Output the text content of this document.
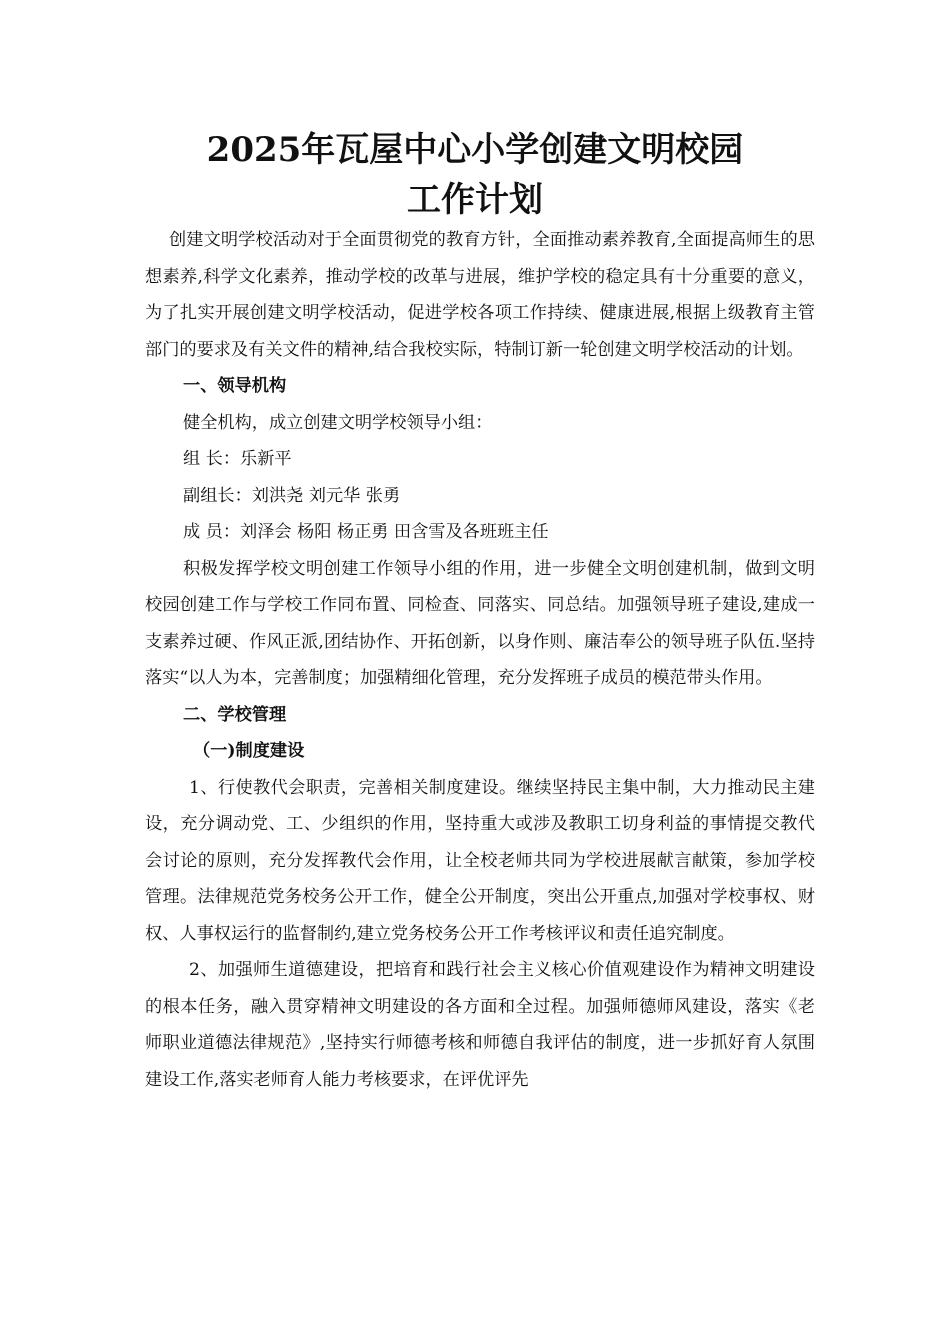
2025年瓦屋中心小学创建文明校园
工作计划

创建文明学校活动对于全面贯彻党的教育方针，全面推动素养教育,全面提高师生的思想素养,科学文化素养，推动学校的改革与进展，维护学校的稳定具有十分重要的意义，为了扎实开展创建文明学校活动，促进学校各项工作持续、健康进展,根据上级教育主管部门的要求及有关文件的精神,结合我校实际，特制订新一轮创建文明学校活动的计划。

一、领导机构

健全机构，成立创建文明学校领导小组：

组 长：乐新平

副组长：刘洪尧 刘元华 张勇

成 员：刘泽会 杨阳 杨正勇 田含雪及各班班主任

积极发挥学校文明创建工作领导小组的作用，进一步健全文明创建机制，做到文明校园创建工作与学校工作同布置、同检查、同落实、同总结。加强领导班子建设,建成一支素养过硬、作风正派,团结协作、开拓创新，以身作则、廉洁奉公的领导班子队伍.坚持落实“以人为本，完善制度；加强精细化管理，充分发挥班子成员的模范带头作用。

二、学校管理

（一)制度建设

1、行使教代会职责，完善相关制度建设。继续坚持民主集中制，大力推动民主建设，充分调动党、工、少组织的作用，坚持重大或涉及教职工切身利益的事情提交教代会讨论的原则，充分发挥教代会作用，让全校老师共同为学校进展献言献策，参加学校管理。法律规范党务校务公开工作，健全公开制度，突出公开重点,加强对学校事权、财权、人事权运行的监督制约,建立党务校务公开工作考核评议和责任追究制度。

2、加强师生道德建设，把培育和践行社会主义核心价值观建设作为精神文明建设的根本任务，融入贯穿精神文明建设的各方面和全过程。加强师德师风建设，落实《老师职业道德法律规范》,坚持实行师德考核和师德自我评估的制度，进一步抓好育人氛围建设工作,落实老师育人能力考核要求，在评优评先
